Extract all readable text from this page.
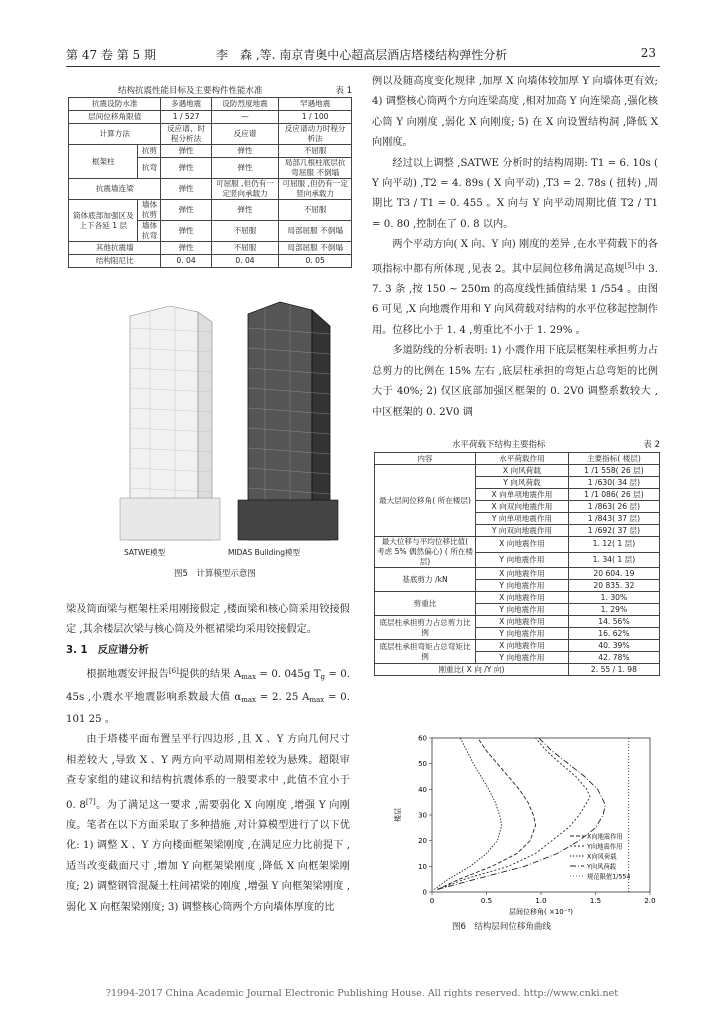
第 47 卷 第 5 期	李　森 ,等. 南京青奥中心超高层酒店塔楼结构弹性分析	23
结构抗震性能目标及主要构件性能水准	表 1
抗震设防水准		多遇地震	设防烈度地震	罕遇地震
层间位移角限值		1 / 527	—	1 / 100
计算方法		反应谱、时程分析法	反应谱	反应谱动力时程分析法
框架柱	抗剪	弹性	弹性	不屈服
	抗弯	弹性	弹性	局部几根柱底层抗弯屈服 不倒塌
抗震墙连梁		弹性	可屈服 ,但仍有一定竖向承载力	可屈服 ,但仍有一定竖向承载力
筒体底部加强区及上下各延 1 层	墙体抗剪	弹性	弹性	不屈服
	墙体抗弯	弹性	不屈服	局部屈服 不倒塌
其他抗震墙		弹性	不屈服	局部屈服 不倒塌
结构阻尼比		0. 04	0. 04	0. 05
SATWE模型	MIDAS Building模型
图5　计算模型示意图

梁及筒面梁与框架柱采用刚接假定 ,楼面梁和核心筒采用铰接假定 ,其余楼层次梁与核心筒及外框裙梁均采用铰接假定。

3. 1　反应谱分析

根据地震安评报告[6]提供的结果 $A_{max} = 0$. 045g $T_g = 0$. 45s ,小震水平地震影响系数最大值 $\alpha_{max} = 2$. 25 $A_{max} = 0$. 101 25 。

由于塔楼平面布置呈平行四边形 ,且 X 、Y 方向几何尺寸相差较大 ,导致 X 、Y 两方向平动周期相差较为悬殊。超限审查专家组的建议和结构抗震体系的一般要求中 ,此值不宜小于 0. 8[7]。为了满足这一要求 ,需要弱化 X 向刚度 ,增强 Y 向刚度。笔者在以下方面采取了多种措施 ,对计算模型进行了以下优化: 1) 调整 X 、Y 方向楼面框架梁刚度 ,在满足应力比前提下 ,适当改变截面尺寸 ,增加 Y 向框架梁刚度 ,降低 X 向框架梁刚度; 2) 调整钢管混凝土柱间裙梁的刚度 ,增强 Y 向框架梁刚度 ,弱化 X 向框架梁刚度; 3) 调整核心筒两个方向墙体厚度的比

例以及随高度变化规律 ,加厚 X 向墙体较加厚 Y 向墙体更有效; 4) 调整核心筒两个方向连梁高度 ,相对加高 Y 向连梁高 ,强化核心筒 Y 向刚度 ,弱化 X 向刚度; 5) 在 X 向设置结构洞 ,降低 X 向刚度。

经过以上调整 ,SATWE 分析时的结构周期: T1 = 6. 10s ( Y 向平动) ,T2 = 4. 89s ( X 向平动) ,T3 = 2. 78s ( 扭转) ,周期比 T3 / T1 = 0. 455 。X 向与 Y 向平动周期比值 T2 / T1 = 0. 80 ,控制在了 0. 8 以内。

两个平动方向( X 向、Y 向) 刚度的差异 ,在水平荷载下的各项指标中都有所体现 ,见表 2。其中层间位移角满足高规[5]中 3. 7. 3 条 ,按 150 ~ 250m 的高度线性插值结果 1 /554 。由图6 可见 ,X 向地震作用和 Y 向风荷载对结构的水平位移起控制作用。位移比小于 1. 4 ,剪重比不小于 1. 29% 。

多道防线的分析表明: 1) 小震作用下底层框架柱承担剪力占总剪力的比例在 15% 左右 ,底层柱承担的弯矩占总弯矩的比例大于 40%; 2) 仅区底部加强区框架的 0. 2V0 调整系数较大 ,中区框架的 0. 2V0 调

水平荷载下结构主要指标	表 2
内容	水平荷载作用	主要指标( 楼层)
最大层间位移角( 所在楼层)	X 向风荷载	1 /1 558( 26 层)
	Y 向风荷载	1 /630( 34 层)
	X 向单项地震作用	1 /1 086( 26 层)
	X 向双向地震作用	1 /863( 26 层)
	Y 向单项地震作用	1 /843( 37 层)
	Y 向双向地震作用	1 /692( 37 层)
最大位移与平均位移比值( 考虑 5% 偶然偏心) ( 所在楼层)	X 向地震作用	1. 12( 1 层)
	Y 向地震作用	1. 34( 1 层)
基底剪力 /kN	X 向地震作用	20 604. 19
	Y 向地震作用	20 835. 32
剪重比	X 向地震作用	1. 30%
	Y 向地震作用	1. 29%
底层柱承担剪力占总剪力比例	X 向地震作用	14. 56%
	Y 向地震作用	16. 62%
底层柱承担弯矩占总弯矩比例	X 向地震作用	40. 39%
	Y 向地震作用	42. 78%
刚重比( X 向 /Y 向)		2. 55 / 1. 98
0	0.5	1.0	1.5	2.0
0
10
20
30
40
50
60
层间位移角( ×10⁻³)
楼层
X向地震作用
Y向地震作用
X向风荷载
Y向风荷载
规范限值1/554
图6　结构层间位移角曲线
?1994-2017 China Academic Journal Electronic Publishing House. All rights reserved. http://www.cnki.net
